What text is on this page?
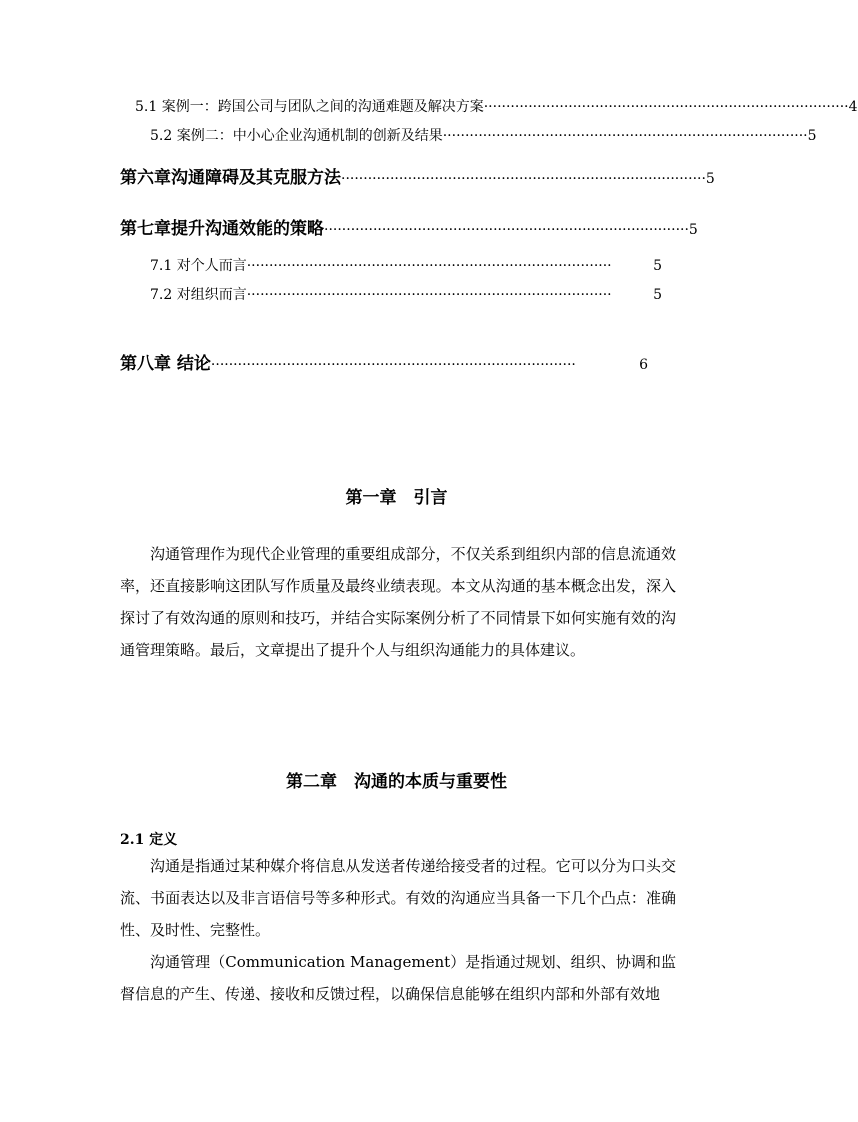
5.1 案例一：跨国公司与团队之间的沟通难题及解决方案 ·················································································· 4
5.2 案例二：中小心企业沟通机制的创新及结果 ·················································································· 5
第六章沟通障碍及其克服方法 ·················································································· 5
第七章提升沟通效能的策略 ·················································································· 5
7.1 对个人而言 ··················································································	5
7.2 对组织而言 ··················································································	5
第八章 结论 ··················································································	6
第一章　引言

沟通管理作为现代企业管理的重要组成部分，不仅关系到组织内部的信息流通效率，还直接影响这团队写作质量及最终业绩表现。本文从沟通的基本概念出发，深入探讨了有效沟通的原则和技巧，并结合实际案例分析了不同情景下如何实施有效的沟通管理策略。最后，文章提出了提升个人与组织沟通能力的具体建议。

第二章　沟通的本质与重要性
2.1 定义

沟通是指通过某种媒介将信息从发送者传递给接受者的过程。它可以分为口头交流、书面表达以及非言语信号等多种形式。有效的沟通应当具备一下几个凸点：准确性、及时性、完整性。

沟通管理（Communication Management）是指通过规划、组织、协调和监督信息的产生、传递、接收和反馈过程，以确保信息能够在组织内部和外部有效地
